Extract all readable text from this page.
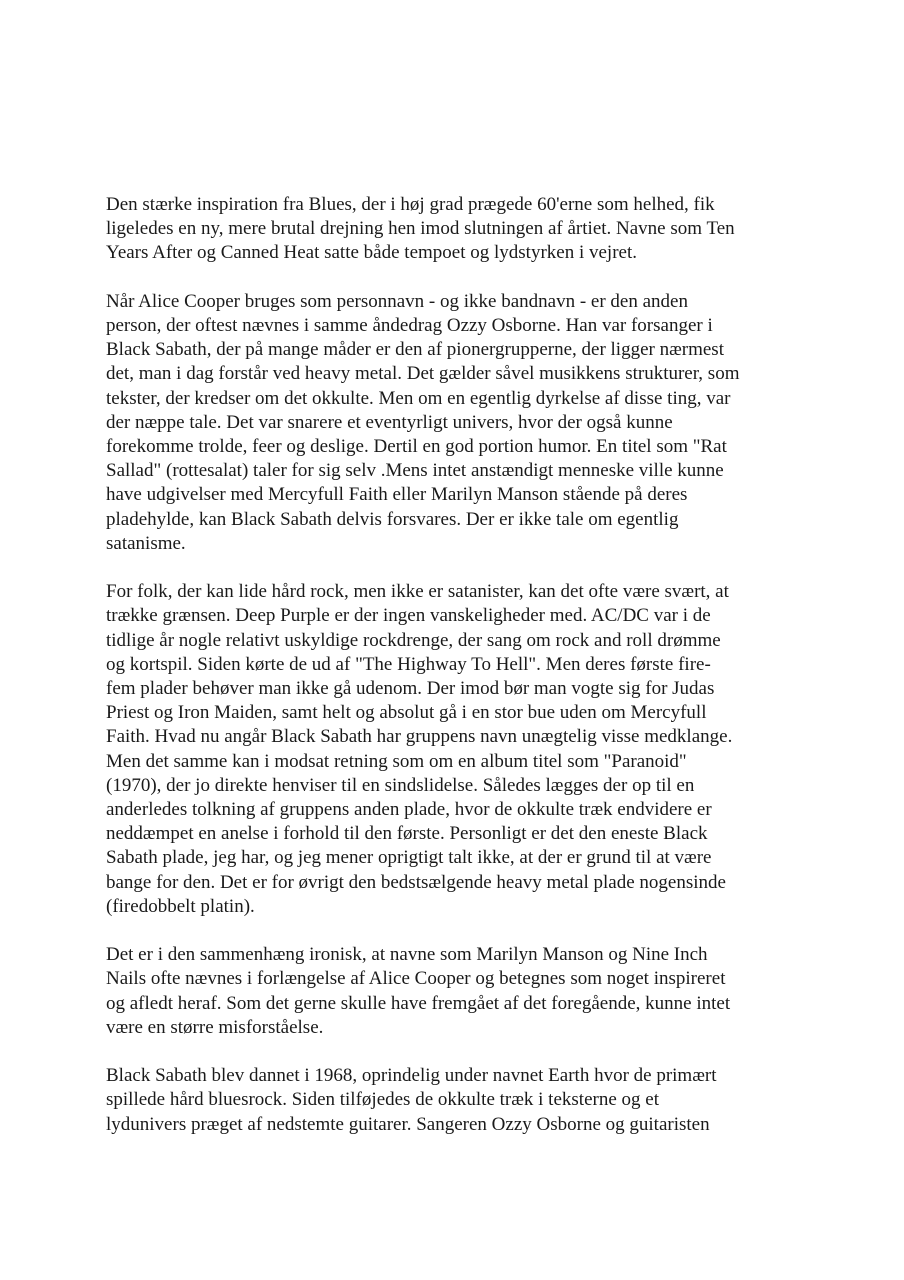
Den stærke inspiration fra Blues, der i høj grad prægede 60'erne som helhed, fik
ligeledes en ny, mere brutal drejning hen imod slutningen af årtiet. Navne som Ten
Years After og Canned Heat satte både tempoet og lydstyrken i vejret.

Når Alice Cooper bruges som personnavn - og ikke bandnavn - er den anden
person, der oftest nævnes i samme åndedrag Ozzy Osborne. Han var forsanger i
Black Sabath, der på mange måder er den af pionergrupperne, der ligger nærmest
det, man i dag forstår ved heavy metal. Det gælder såvel musikkens strukturer, som
tekster, der kredser om det okkulte. Men om en egentlig dyrkelse af disse ting, var
der næppe tale. Det var snarere et eventyrligt univers, hvor der også kunne
forekomme trolde, feer og deslige. Dertil en god portion humor. En titel som "Rat
Sallad" (rottesalat) taler for sig selv .Mens intet anstændigt menneske ville kunne
have udgivelser med Mercyfull Faith eller Marilyn Manson stående på deres
pladehylde, kan Black Sabath delvis forsvares. Der er ikke tale om egentlig
satanisme.

For folk, der kan lide hård rock, men ikke er satanister, kan det ofte være svært, at
trække grænsen. Deep Purple er der ingen vanskeligheder med. AC/DC var i de
tidlige år nogle relativt uskyldige rockdrenge, der sang om rock and roll drømme
og kortspil. Siden kørte de ud af "The Highway To Hell". Men deres første fire-
fem plader behøver man ikke gå udenom. Der imod bør man vogte sig for Judas
Priest og Iron Maiden, samt helt og absolut gå i en stor bue uden om Mercyfull
Faith. Hvad nu angår Black Sabath har gruppens navn unægtelig visse medklange.
Men det samme kan i modsat retning som om en album titel som "Paranoid"
(1970), der jo direkte henviser til en sindslidelse. Således lægges der op til en
anderledes tolkning af gruppens anden plade, hvor de okkulte træk endvidere er
neddæmpet en anelse i forhold til den første. Personligt er det den eneste Black
Sabath plade, jeg har, og jeg mener oprigtigt talt ikke, at der er grund til at være
bange for den. Det er for øvrigt den bedstsælgende heavy metal plade nogensinde
(firedobbelt platin).

Det er i den sammenhæng ironisk, at navne som Marilyn Manson og Nine Inch
Nails ofte nævnes i forlængelse af Alice Cooper og betegnes som noget inspireret
og afledt heraf. Som det gerne skulle have fremgået af det foregående, kunne intet
være en større misforståelse.

Black Sabath blev dannet i 1968, oprindelig under navnet Earth hvor de primært
spillede hård bluesrock. Siden tilføjedes de okkulte træk i teksterne og et
lydunivers præget af nedstemte guitarer. Sangeren Ozzy Osborne og guitaristen
